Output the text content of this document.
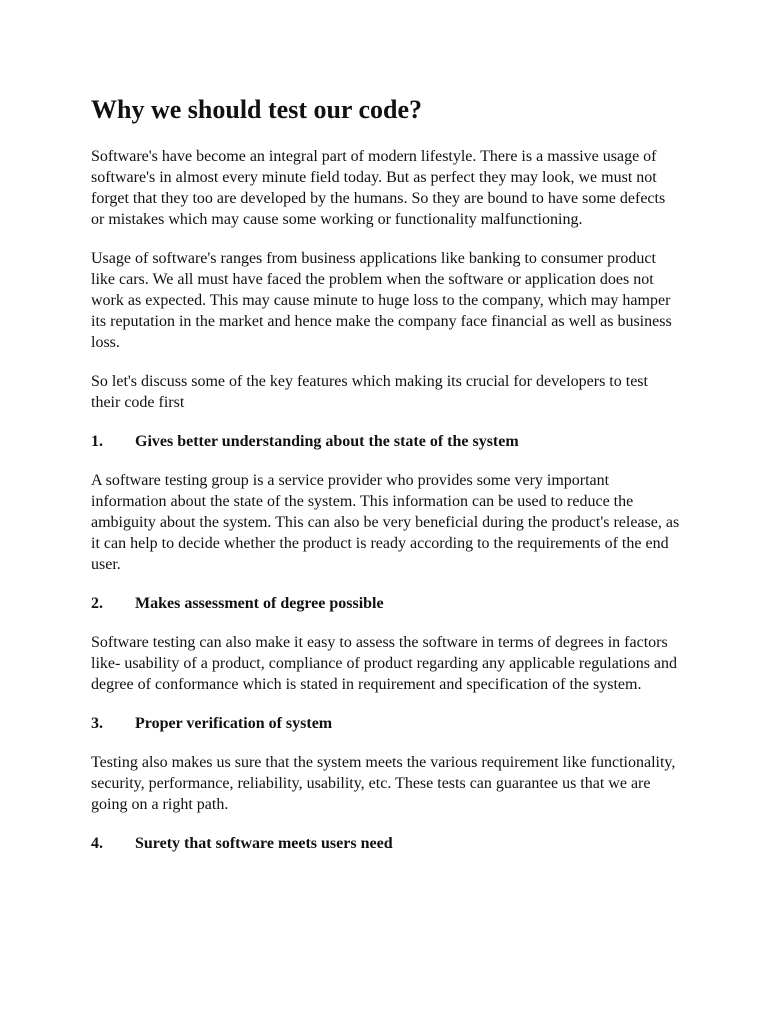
Why we should test our code?

Software's have become an integral part of modern lifestyle. There is a massive usage of software's in almost every minute field today. But as perfect they may look, we must not forget that they too are developed by the humans. So they are bound to have some defects or mistakes which may cause some working or functionality malfunctioning.

Usage of software's ranges from business applications like banking to consumer product like cars. We all must have faced the problem when the software or application does not work as expected. This may cause minute to huge loss to the company, which may hamper its reputation in the market and hence make the company face financial as well as business loss.

So let's discuss some of the key features which making its crucial for developers to test their code first

1.	Gives better understanding about the state of the system

A software testing group is a service provider who provides some very important information about the state of the system. This information can be used to reduce the ambiguity about the system. This can also be very beneficial during the product's release, as it can help to decide whether the product is ready according to the requirements of the end user.

2.	Makes assessment of degree possible

Software testing can also make it easy to assess the software in terms of degrees in factors like- usability of a product, compliance of product regarding any applicable regulations and degree of conformance which is stated in requirement and specification of the system.

3.	Proper verification of system

Testing also makes us sure that the system meets the various requirement like functionality, security, performance, reliability, usability, etc. These tests can guarantee us that we are going on a right path.

4.	Surety that software meets users need
